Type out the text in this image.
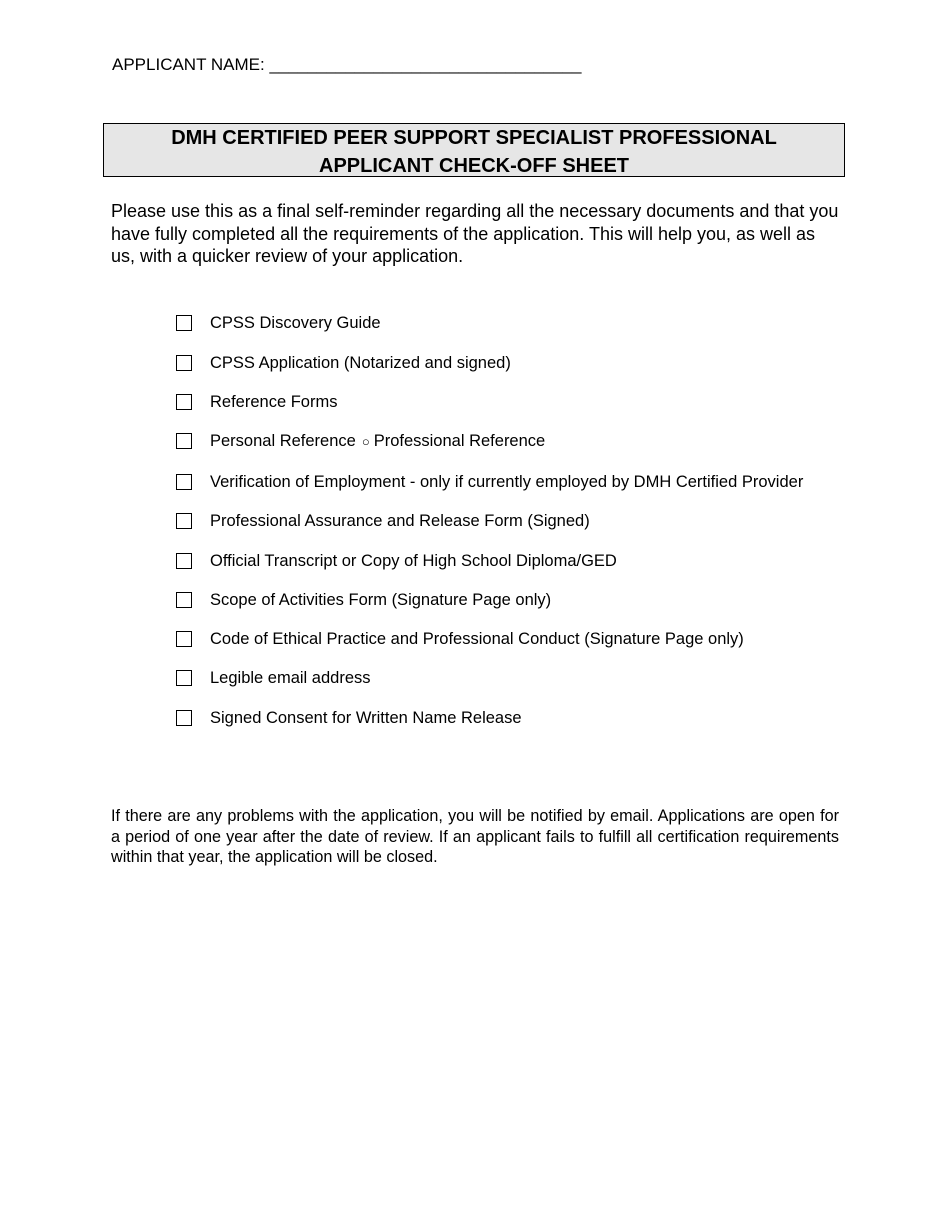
APPLICANT NAME: _________________________________
DMH CERTIFIED PEER SUPPORT SPECIALIST PROFESSIONAL
APPLICANT CHECK-OFF SHEET
Please use this as a final self-reminder regarding all the necessary documents and that you have fully completed all the requirements of the application. This will help you, as well as us, with a quicker review of your application.
CPSS Discovery Guide
CPSS Application (Notarized and signed)
Reference Forms
Personal Reference ○ Professional Reference
Verification of Employment - only if currently employed by DMH Certified Provider
Professional Assurance and Release Form (Signed)
Official Transcript or Copy of High School Diploma/GED
Scope of Activities Form (Signature Page only)
Code of Ethical Practice and Professional Conduct (Signature Page only)
Legible email address
Signed Consent for Written Name Release
If there are any problems with the application, you will be notified by email. Applications are open for a period of one year after the date of review. If an applicant fails to fulfill all certification requirements within that year, the application will be closed.
